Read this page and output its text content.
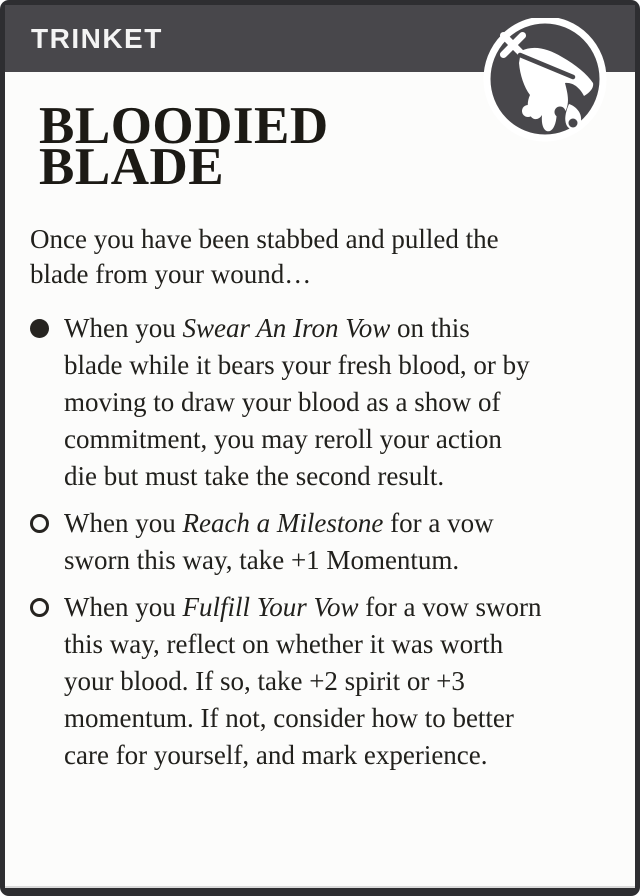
TRINKET
BLOODIED
BLADE
Once you have been stabbed and pulled the
blade from your wound…
When you Swear An Iron Vow on this
blade while it bears your fresh blood, or by
moving to draw your blood as a show of
commitment, you may reroll your action
die but must take the second result.
When you Reach a Milestone for a vow
sworn this way, take +1 Momentum.
When you Fulfill Your Vow for a vow sworn
this way, reflect on whether it was worth
your blood. If so, take +2 spirit or +3
momentum. If not, consider how to better
care for yourself, and mark experience.
